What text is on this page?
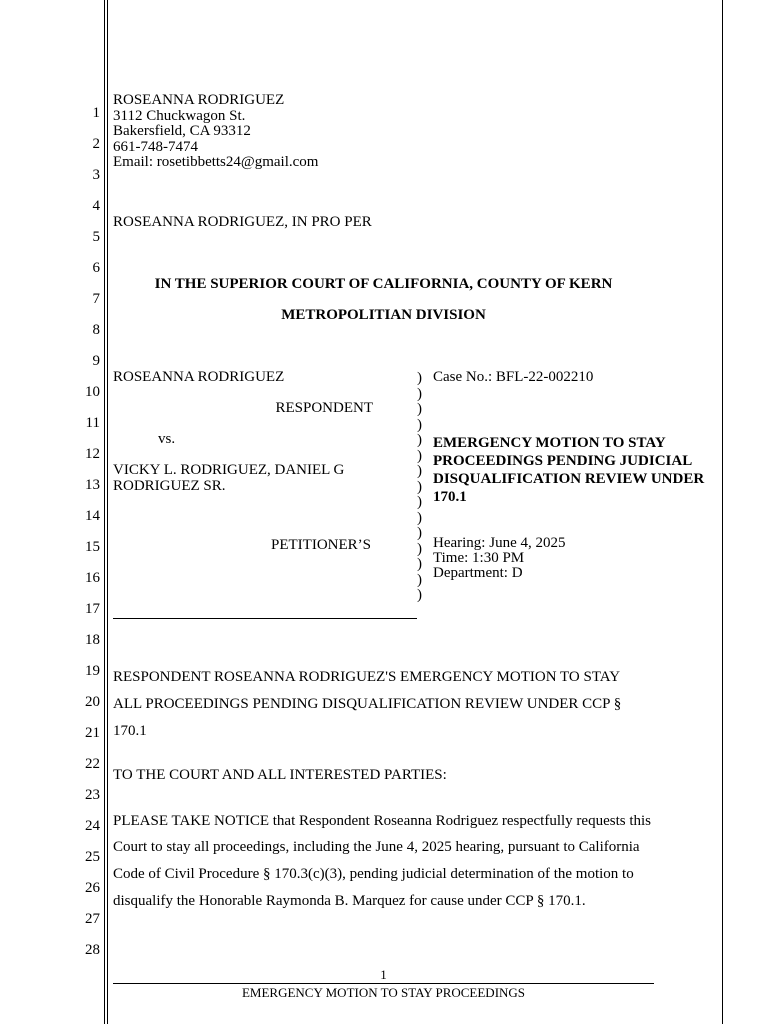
1
2
3
4
5
6
7
8
9
10
11
12
13
14
15
16
17
18
19
20
21
22
23
24
25
26
27
28
ROSEANNA RODRIGUEZ
3112 Chuckwagon St.
Bakersfield, CA 93312
661-748-7474
Email: rosetibbetts24@gmail.com
ROSEANNA RODRIGUEZ, IN PRO PER
IN THE SUPERIOR COURT OF CALIFORNIA, COUNTY OF KERN
METROPOLITIAN DIVISION
ROSEANNA RODRIGUEZ
RESPONDENT
vs.
VICKY L. RODRIGUEZ, DANIEL G
RODRIGUEZ SR.
PETITIONER’S
)
)
)
)
)
)
)
)
)
)
)
)
)
)
)
Case No.: BFL-22-002210
EMERGENCY MOTION TO STAY
PROCEEDINGS PENDING JUDICIAL
DISQUALIFICATION REVIEW UNDER
170.1
Hearing: June 4, 2025
Time: 1:30 PM
Department: D
RESPONDENT ROSEANNA RODRIGUEZ'S EMERGENCY MOTION TO STAY
ALL PROCEEDINGS PENDING DISQUALIFICATION REVIEW UNDER CCP §
170.1
TO THE COURT AND ALL INTERESTED PARTIES:
PLEASE TAKE NOTICE that Respondent Roseanna Rodriguez respectfully requests this
Court to stay all proceedings, including the June 4, 2025 hearing, pursuant to California
Code of Civil Procedure § 170.3(c)(3), pending judicial determination of the motion to
disqualify the Honorable Raymonda B. Marquez for cause under CCP § 170.1.
1
EMERGENCY MOTION TO STAY PROCEEDINGS
